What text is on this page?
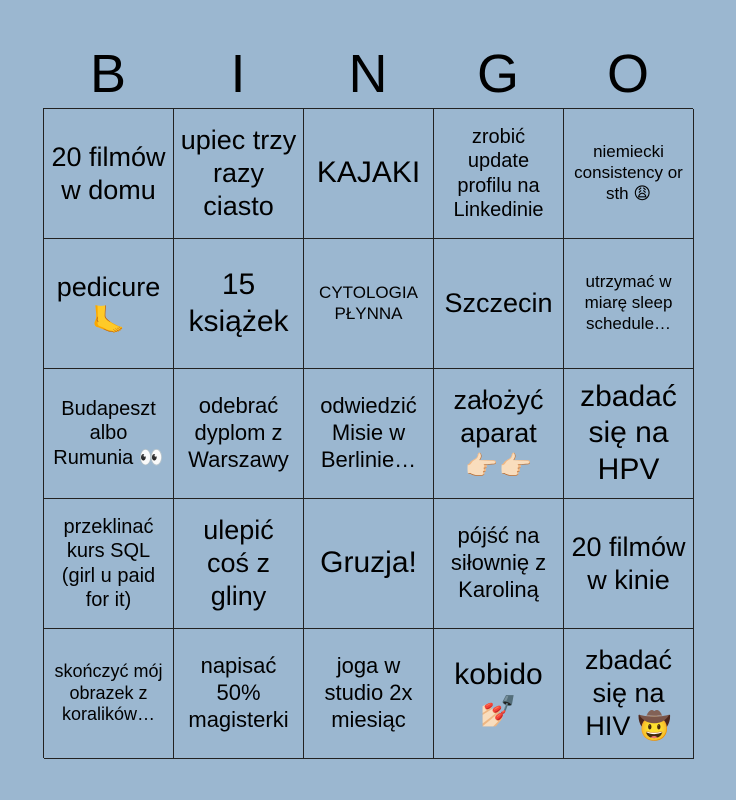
B	I	N	G	O
20 filmów w domu
upiec trzy razy ciasto
KAJAKI
zrobić update profilu na Linkedinie
niemiecki consistency or sth 😩
pedicure 🦶
15 książek
CYTOLOGIA PŁYNNA	Szczecin
utrzymać w miarę sleep schedule…
Budapeszt albo Rumunia 👀
odebrać dyplom z Warszawy
odwiedzić Misie w Berlinie…
założyć aparat 👉🏻👉🏻
zbadać się na HPV
przeklinać kurs SQL (girl u paid for it)
ulepić coś z gliny
Gruzja!
pójść na siłownię z Karoliną
20 filmów w kinie
skończyć mój obrazek z koralików…
napisać 50% magisterki
joga w studio 2x miesiąc
kobido 💅🏻
zbadać się na HIV 🤠
